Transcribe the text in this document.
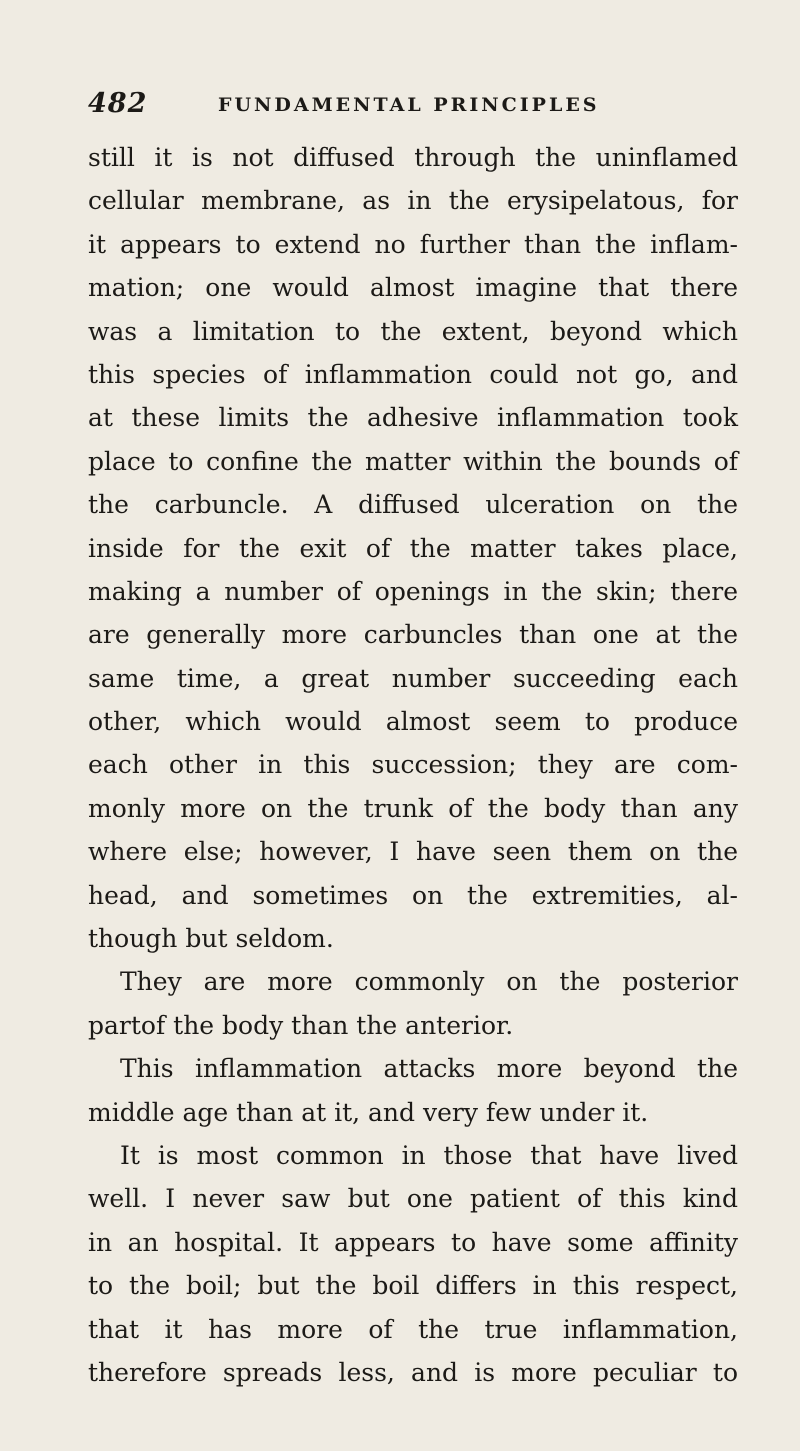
482	FUNDAMENTAL PRINCIPLES
still it is not diffused through the uninflamed
cellular membrane, as in the erysipelatous, for
it appears to extend no further than the inflam-
mation; one would almost imagine that there
was a limitation to the extent, beyond which
this species of inflammation could not go, and
at these limits the adhesive inflammation took
place to confine the matter within the bounds of
the carbuncle. A diffused ulceration on the
inside for the exit of the matter takes place,
making a number of openings in the skin; there
are generally more carbuncles than one at the
same time, a great number succeeding each
other, which would almost seem to produce
each other in this succession; they are com-
monly more on the trunk of the body than any
where else; however, I have seen them on the
head, and sometimes on the extremities, al-
though but seldom.
They are more commonly on the posterior
partof the body than the anterior.
This inflammation attacks more beyond the
middle age than at it, and very few under it.
It is most common in those that have lived
well. I never saw but one patient of this kind
in an hospital. It appears to have some affinity
to the boil; but the boil differs in this respect,
that it has more of the true inflammation,
therefore spreads less, and is more peculiar to
